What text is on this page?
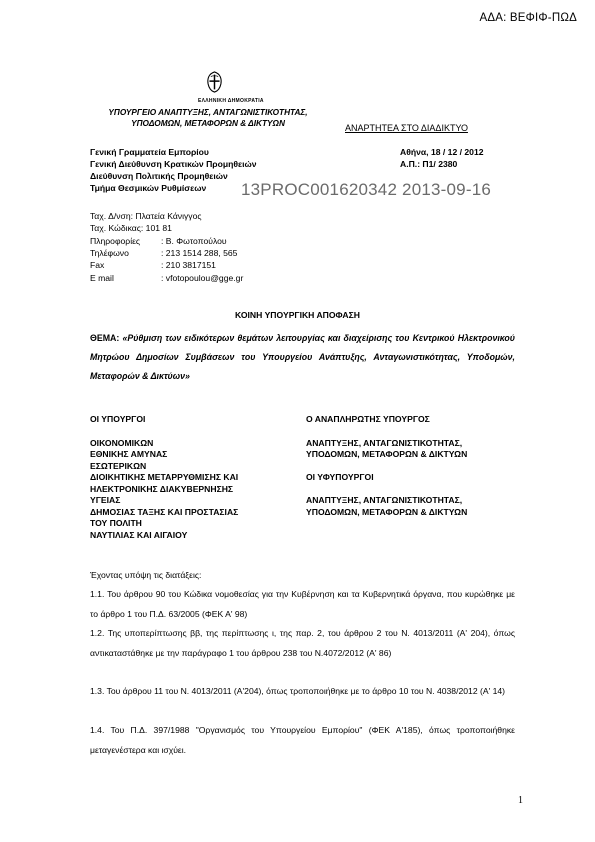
ΑΔΑ: ΒΕΦΙΦ-ΠΩΔ
ΕΛΛΗΝΙΚΗ ΔΗΜΟΚΡΑΤΙΑ
ΥΠΟΥΡΓΕΙΟ ΑΝΑΠΤΥΞΗΣ, ΑΝΤΑΓΩΝΙΣΤΙΚΟΤΗΤΑΣ,
ΥΠΟΔΟΜΩΝ, ΜΕΤΑΦΟΡΩΝ & ΔΙΚΤΥΩΝ	ΑΝΑΡΤΗΤΕΑ ΣΤΟ ΔΙΑΔΙΚΤΥΟ
Γενική Γραμματεία Εμπορίου
Γενική Διεύθυνση Κρατικών Προμηθειών
Διεύθυνση Πολιτικής Προμηθειών
Τμήμα Θεσμικών Ρυθμίσεων
Αθήνα, 18 / 12 / 2012
Α.Π.: Π1/ 2380
13PROC001620342 2013-09-16
Ταχ. Δ/νση: Πλατεία Κάνιγγος
Ταχ. Κώδικας: 101 81
Πληροφορίες : Β. Φωτοπούλου
Τηλέφωνο	: 213 1514 288, 565
Fax	: 210 3817151
E mail	: vfotopoulou@gge.gr
ΚΟΙΝΗ ΥΠΟΥΡΓΙΚΗ ΑΠΟΦΑΣΗ
ΘΕΜΑ: «Ρύθμιση των ειδικότερων θεμάτων λειτουργίας και διαχείρισης του Κεντρικού Ηλεκτρονικού Μητρώου Δημοσίων Συμβάσεων του Υπουργείου Ανάπτυξης, Ανταγωνιστικότητας, Υποδομών, Μεταφορών & Δικτύων»
ΟΙ ΥΠΟΥΡΓΟΙ	Ο ΑΝΑΠΛΗΡΩΤΗΣ ΥΠΟΥΡΓΟΣ
ΟΙΚΟΝΟΜΙΚΩΝ
ΕΘΝΙΚΗΣ ΑΜΥΝΑΣ
ΕΣΩΤΕΡΙΚΩΝ
ΔΙΟΙΚΗΤΙΚΗΣ ΜΕΤΑΡΡΥΘΜΙΣΗΣ ΚΑΙ
ΗΛΕΚΤΡΟΝΙΚΗΣ ΔΙΑΚΥΒΕΡΝΗΣΗΣ
ΥΓΕΙΑΣ
ΔΗΜΟΣΙΑΣ ΤΑΞΗΣ ΚΑΙ ΠΡΟΣΤΑΣΙΑΣ
ΤΟΥ ΠΟΛΙΤΗ
ΝΑΥΤΙΛΙΑΣ ΚΑΙ ΑΙΓΑΙΟΥ
ΑΝΑΠΤΥΞΗΣ, ΑΝΤΑΓΩΝΙΣΤΙΚΟΤΗΤΑΣ,
ΥΠΟΔΟΜΩΝ, ΜΕΤΑΦΟΡΩΝ & ΔΙΚΤΥΩΝ
ΟΙ ΥΦΥΠΟΥΡΓΟΙ
ΑΝΑΠΤΥΞΗΣ, ΑΝΤΑΓΩΝΙΣΤΙΚΟΤΗΤΑΣ,
ΥΠΟΔΟΜΩΝ, ΜΕΤΑΦΟΡΩΝ & ΔΙΚΤΥΩΝ
Έχοντας υπόψη τις διατάξεις:
1.1. Του άρθρου 90 του Κώδικα νομοθεσίας για την Κυβέρνηση και τα Κυβερνητικά όργανα, που κυρώθηκε με το άρθρο 1 του Π.Δ. 63/2005 (ΦΕΚ Α' 98)
1.2. Της υποπερίπτωσης ββ, της περίπτωσης ι, της παρ. 2, του άρθρου 2 του Ν. 4013/2011 (Α' 204), όπως αντικαταστάθηκε με την παράγραφο 1 του άρθρου 238 του Ν.4072/2012 (Α' 86)
1.3. Του άρθρου 11 του Ν. 4013/2011 (Α'204), όπως τροποποιήθηκε με το άρθρο 10 του Ν. 4038/2012 (Α' 14)
1.4. Του Π.Δ. 397/1988 "Οργανισμός του Υπουργείου Εμπορίου" (ΦΕΚ Α'185), όπως τροποποιήθηκε μεταγενέστερα και ισχύει.
1
